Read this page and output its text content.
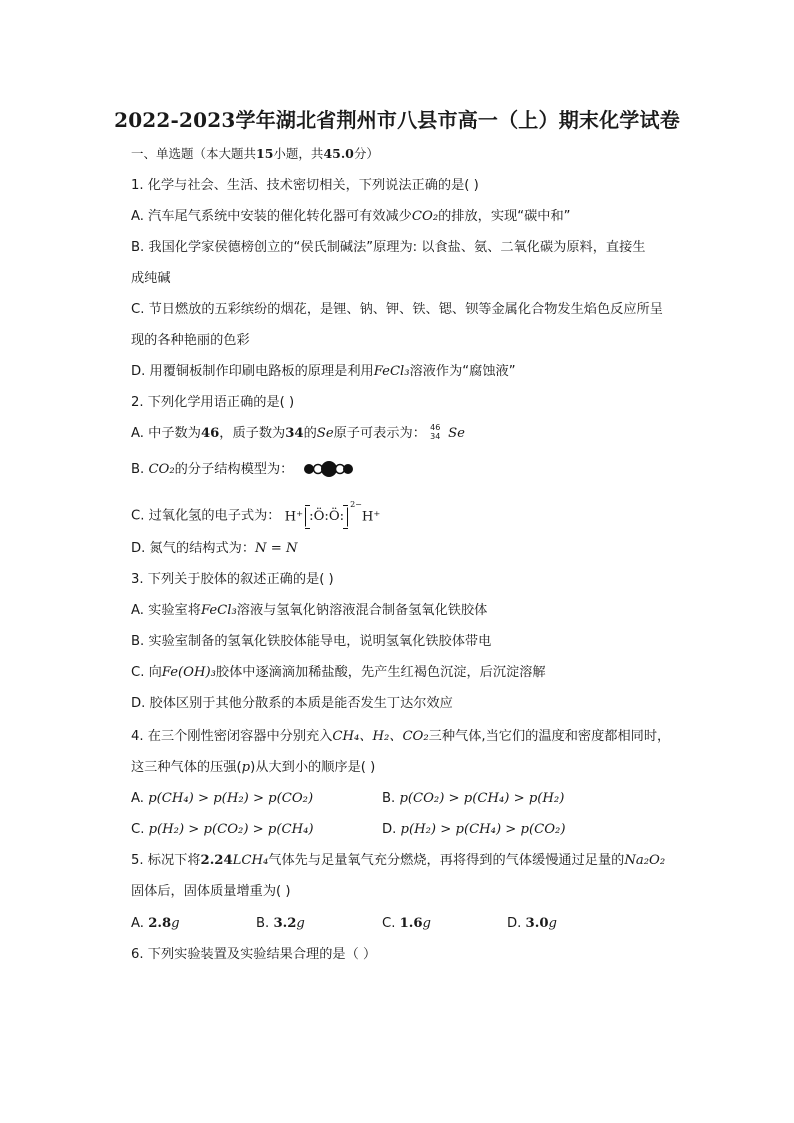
2022-2023学年湖北省荆州市八县市高一（上）期末化学试卷
一、单选题（本大题共15小题，共45.0分）
1. 化学与社会、生活、技术密切相关，下列说法正确的是( )
A. 汽车尾气系统中安装的催化转化器可有效减少CO₂的排放，实现“碳中和”
B. 我国化学家侯德榜创立的“侯氏制碱法”原理为: 以食盐、氨、二氧化碳为原料，直接生
成纯碱
C. 节日燃放的五彩缤纷的烟花，是锂、钠、钾、铁、锶、钡等金属化合物发生焰色反应所呈
现的各种艳丽的色彩
D. 用覆铜板制作印刷电路板的原理是利用FeCl₃溶液作为“腐蚀液”
2. 下列化学用语正确的是( )
A. 中子数为46，质子数为34的Se原子可表示为： 46
34 Se
B. CO₂的分子结构模型为：
C. 过氧化氢的电子式为： H⁺ :Ö:Ö:$^{2-}$H⁺
D. 氮气的结构式为：N = N
3. 下列关于胶体的叙述正确的是( )
A. 实验室将FeCl₃溶液与氢氧化钠溶液混合制备氢氧化铁胶体
B. 实验室制备的氢氧化铁胶体能导电，说明氢氧化铁胶体带电
C. 向Fe(OH)₃胶体中逐滴滴加稀盐酸，先产生红褐色沉淀，后沉淀溶解
D. 胶体区别于其他分散系的本质是能否发生丁达尔效应
4. 在三个刚性密闭容器中分别充入CH₄、H₂、CO₂三种气体,当它们的温度和密度都相同时，
这三种气体的压强(p)从大到小的顺序是( )
A. p(CH₄) > p(H₂) > p(CO₂)	B. p(CO₂) > p(CH₄) > p(H₂)
C. p(H₂) > p(CO₂) > p(CH₄)	D. p(H₂) > p(CH₄) > p(CO₂)
5. 标况下将2.24LCH₄气体先与足量氧气充分燃烧，再将得到的气体缓慢通过足量的Na₂O₂
固体后，固体质量增重为( )
A. 2.8g	B. 3.2g	C. 1.6g	D. 3.0g
6. 下列实验装置及实验结果合理的是（ ）
